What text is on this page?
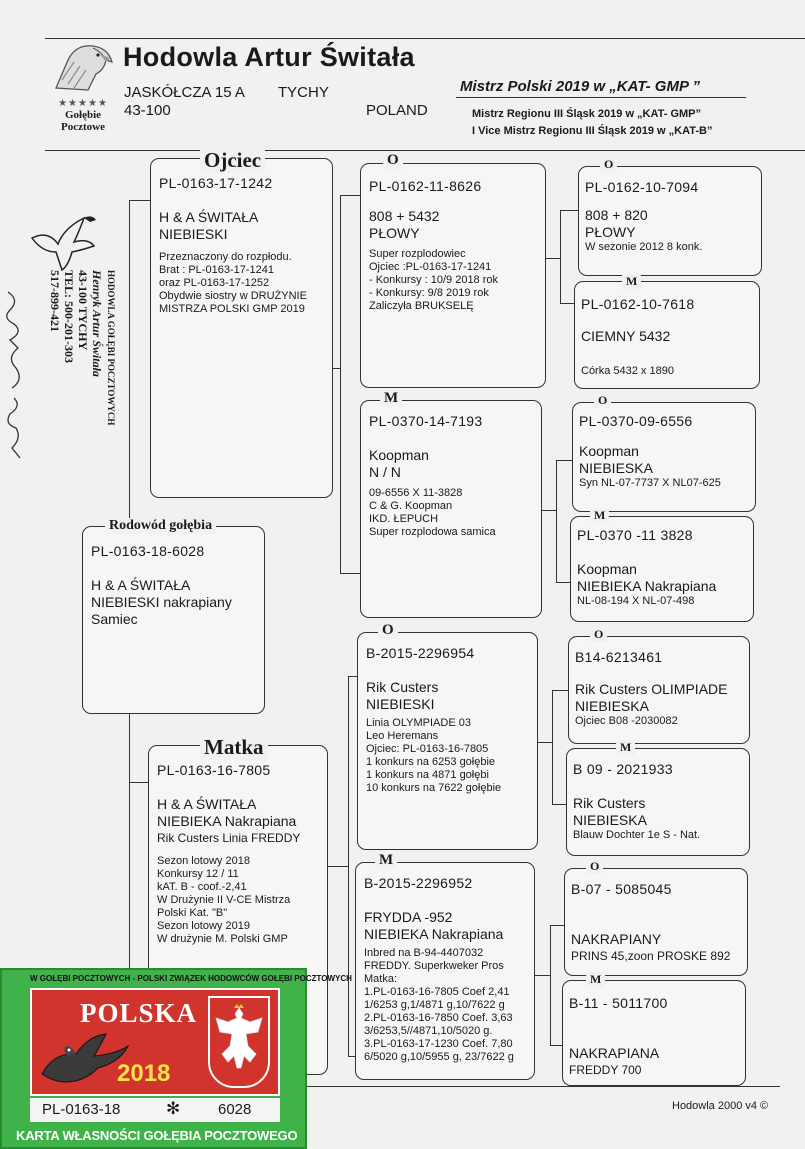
★★★★★
Gołębie
Pocztowe
Hodowla Artur Świtała
JASKÓŁCZA 15 A TYCHY
43-100	POLAND
Mistrz Polski 2019 w „KAT- GMP ”
Mistrz Regionu III Śląsk 2019 w „KAT- GMP”
I Vice Mistrz Regionu III Śląsk 2019 w „KAT-B”
HODOWLA GOŁĘBI POCZTOWYCH
Henryk Artur Świtała
43-100 TYCHY
TEL: 500-201-303
517-899-421
PL-0163-17-1242
H & A ŚWITAŁA
NIEBIESKI
Przeznaczony do rozpłodu.
Brat : PL-0163-17-1241
oraz PL-0163-17-1252
Obydwie siostry w DRUŻYNIE
MISTRZA POLSKI GMP 2019
Ojciec
PL-0163-18-6028
H & A ŚWITAŁA
NIEBIESKI nakrapiany
Samiec
Rodowód gołębia
PL-0163-16-7805
H & A ŚWITAŁA
NIEBIEKA Nakrapiana
Rik Custers Linia FREDDY
Sezon lotowy 2018
Konkursy 12 / 11
kAT. B - coof.-2,41
W Drużynie II V-CE Mistrza
Polski Kat. "B"
Sezon lotowy 2019
W drużynie M. Polski GMP
Matka
PL-0162-11-8626
808 + 5432
PŁOWY
Super rozplodowiec
Ojciec :PL-0163-17-1241
- Konkursy : 10/9 2018 rok
- Konkursy: 9/8 2019 rok
Zaliczyła BRUKSELĘ
O
PL-0370-14-7193
Koopman
N / N
09-6556 X 11-3828
C & G. Koopman
IKD. ŁEPUCH
Super rozplodowa samica
M
B-2015-2296954
Rik Custers
NIEBIESKI
Linia OLYMPIADE 03
Leo Heremans
Ojciec: PL-0163-16-7805
1 konkurs na 6253 gołębie
1 konkurs na 4871 gołębi
10 konkurs na 7622 gołębie
O
B-2015-2296952
FRYDDA -952
NIEBIEKA Nakrapiana
Inbred na B-94-4407032
FREDDY. Superkweker Pros
Matka:
1.PL-0163-16-7805 Coef 2,41
1/6253 g,1/4871 g,10/7622 g
2.PL-0163-16-7850 Coef. 3,63
3/6253,5//4871,10/5020 g.
3.PL-0163-17-1230 Coef. 7,80
6/5020 g,10/5955 g, 23/7622 g
M
PL-0162-10-7094
808 + 820
PŁOWY
W sezonie 2012 8 konk.
O
PL-0162-10-7618
CIEMNY 5432
Córka 5432 x 1890
M
PL-0370-09-6556
Koopman
NIEBIESKA
Syn NL-07-7737 X NL07-625
O
PL-0370 -11 3828
Koopman
NIEBIEKA Nakrapiana
NL-08-194 X NL-07-498
M
B14-6213461
Rik Custers OLIMPIADE
NIEBIESKA
Ojciec B08 -2030082
O
B 09 - 2021933
Rik Custers
NIEBIESKA
Blauw Dochter 1e S - Nat.
M
B-07 - 5085045
NAKRAPIANY
PRINS 45,zoon PROSKE 892
O
B-11 - 5011700
NAKRAPIANA
FREDDY 700
M
Hodowla 2000 v4 ©
W GOŁĘBI POCZTOWYCH - POLSKI ZWIĄZEK HODOWCÓW GOŁĘBI POCZTOWYCH
POLSKA
2018
PL-0163-18	✻	6028
KARTA WŁASNOŚCI GOŁĘBIA POCZTOWEGO
